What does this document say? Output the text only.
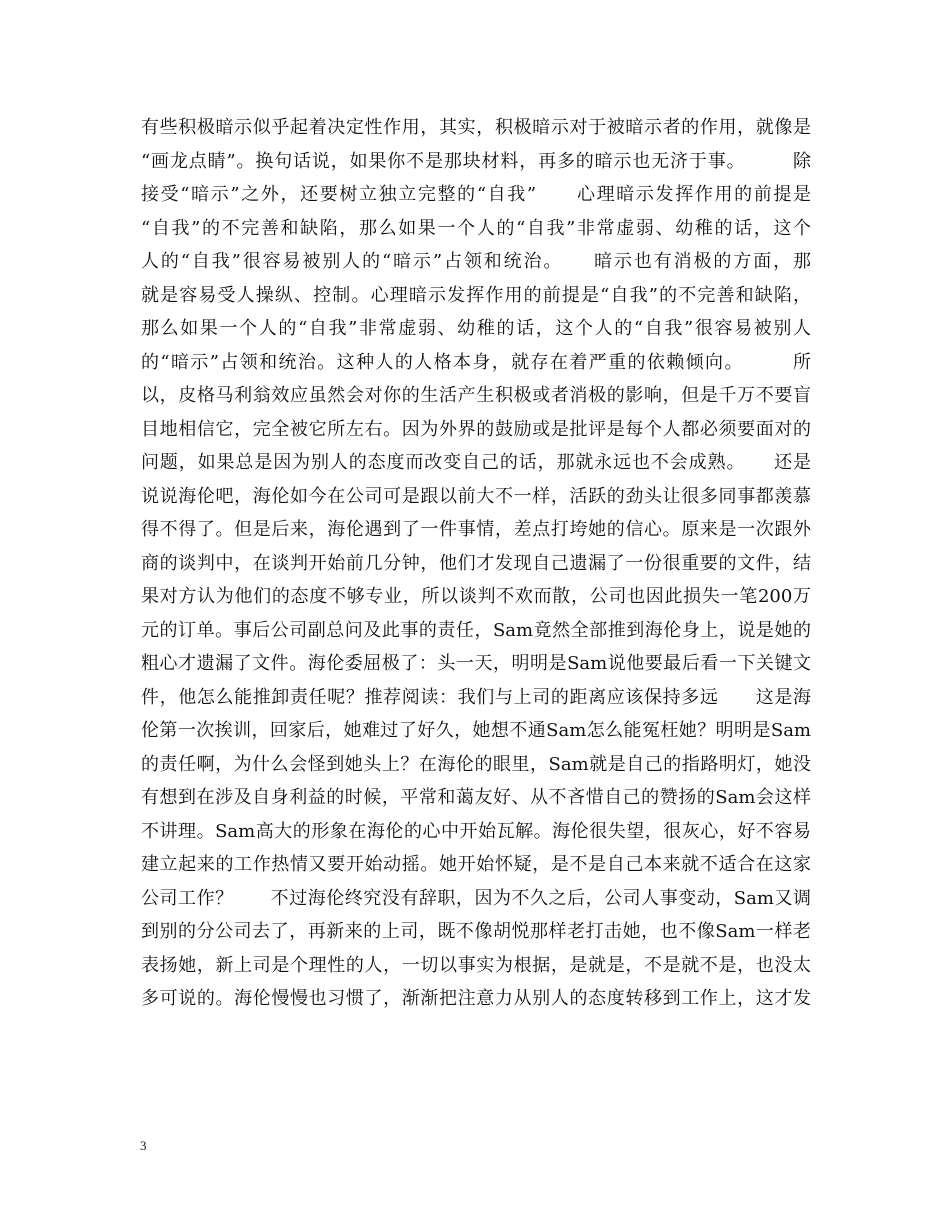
有些积极暗示似乎起着决定性作用，其实，积极暗示对于被暗示者的作用，就像是
“画龙点睛”。换句话说，如果你不是那块材料，再多的暗示也无济于事。　　　除
接受“暗示”之外，还要树立独立完整的“自我”　　心理暗示发挥作用的前提是
“自我”的不完善和缺陷，那么如果一个人的“自我”非常虚弱、幼稚的话，这个
人的“自我”很容易被别人的“暗示”占领和统治。　　暗示也有消极的方面，那
就是容易受人操纵、控制。心理暗示发挥作用的前提是“自我”的不完善和缺陷，
那么如果一个人的“自我”非常虚弱、幼稚的话，这个人的“自我”很容易被别人
的“暗示”占领和统治。这种人的人格本身，就存在着严重的依赖倾向。　　　所
以，皮格马利翁效应虽然会对你的生活产生积极或者消极的影响，但是千万不要盲
目地相信它，完全被它所左右。因为外界的鼓励或是批评是每个人都必须要面对的
问题，如果总是因为别人的态度而改变自己的话，那就永远也不会成熟。　　还是
说说海伦吧，海伦如今在公司可是跟以前大不一样，活跃的劲头让很多同事都羡慕
得不得了。但是后来，海伦遇到了一件事情，差点打垮她的信心。原来是一次跟外
商的谈判中，在谈判开始前几分钟，他们才发现自己遗漏了一份很重要的文件，结
果对方认为他们的态度不够专业，所以谈判不欢而散，公司也因此损失一笔200万
元的订单。事后公司副总问及此事的责任，Sam竟然全部推到海伦身上，说是她的
粗心才遗漏了文件。海伦委屈极了：头一天，明明是Sam说他要最后看一下关键文
件，他怎么能推卸责任呢？推荐阅读：我们与上司的距离应该保持多远　　这是海
伦第一次挨训，回家后，她难过了好久，她想不通Sam怎么能冤枉她？明明是Sam
的责任啊，为什么会怪到她头上？在海伦的眼里，Sam就是自己的指路明灯，她没
有想到在涉及自身利益的时候，平常和蔼友好、从不吝惜自己的赞扬的Sam会这样
不讲理。Sam高大的形象在海伦的心中开始瓦解。海伦很失望，很灰心，好不容易
建立起来的工作热情又要开始动摇。她开始怀疑，是不是自己本来就不适合在这家
公司工作？　　不过海伦终究没有辞职，因为不久之后，公司人事变动，Sam又调
到别的分公司去了，再新来的上司，既不像胡悦那样老打击她，也不像Sam一样老
表扬她，新上司是个理性的人，一切以事实为根据，是就是，不是就不是，也没太
多可说的。海伦慢慢也习惯了，渐渐把注意力从别人的态度转移到工作上，这才发
3
